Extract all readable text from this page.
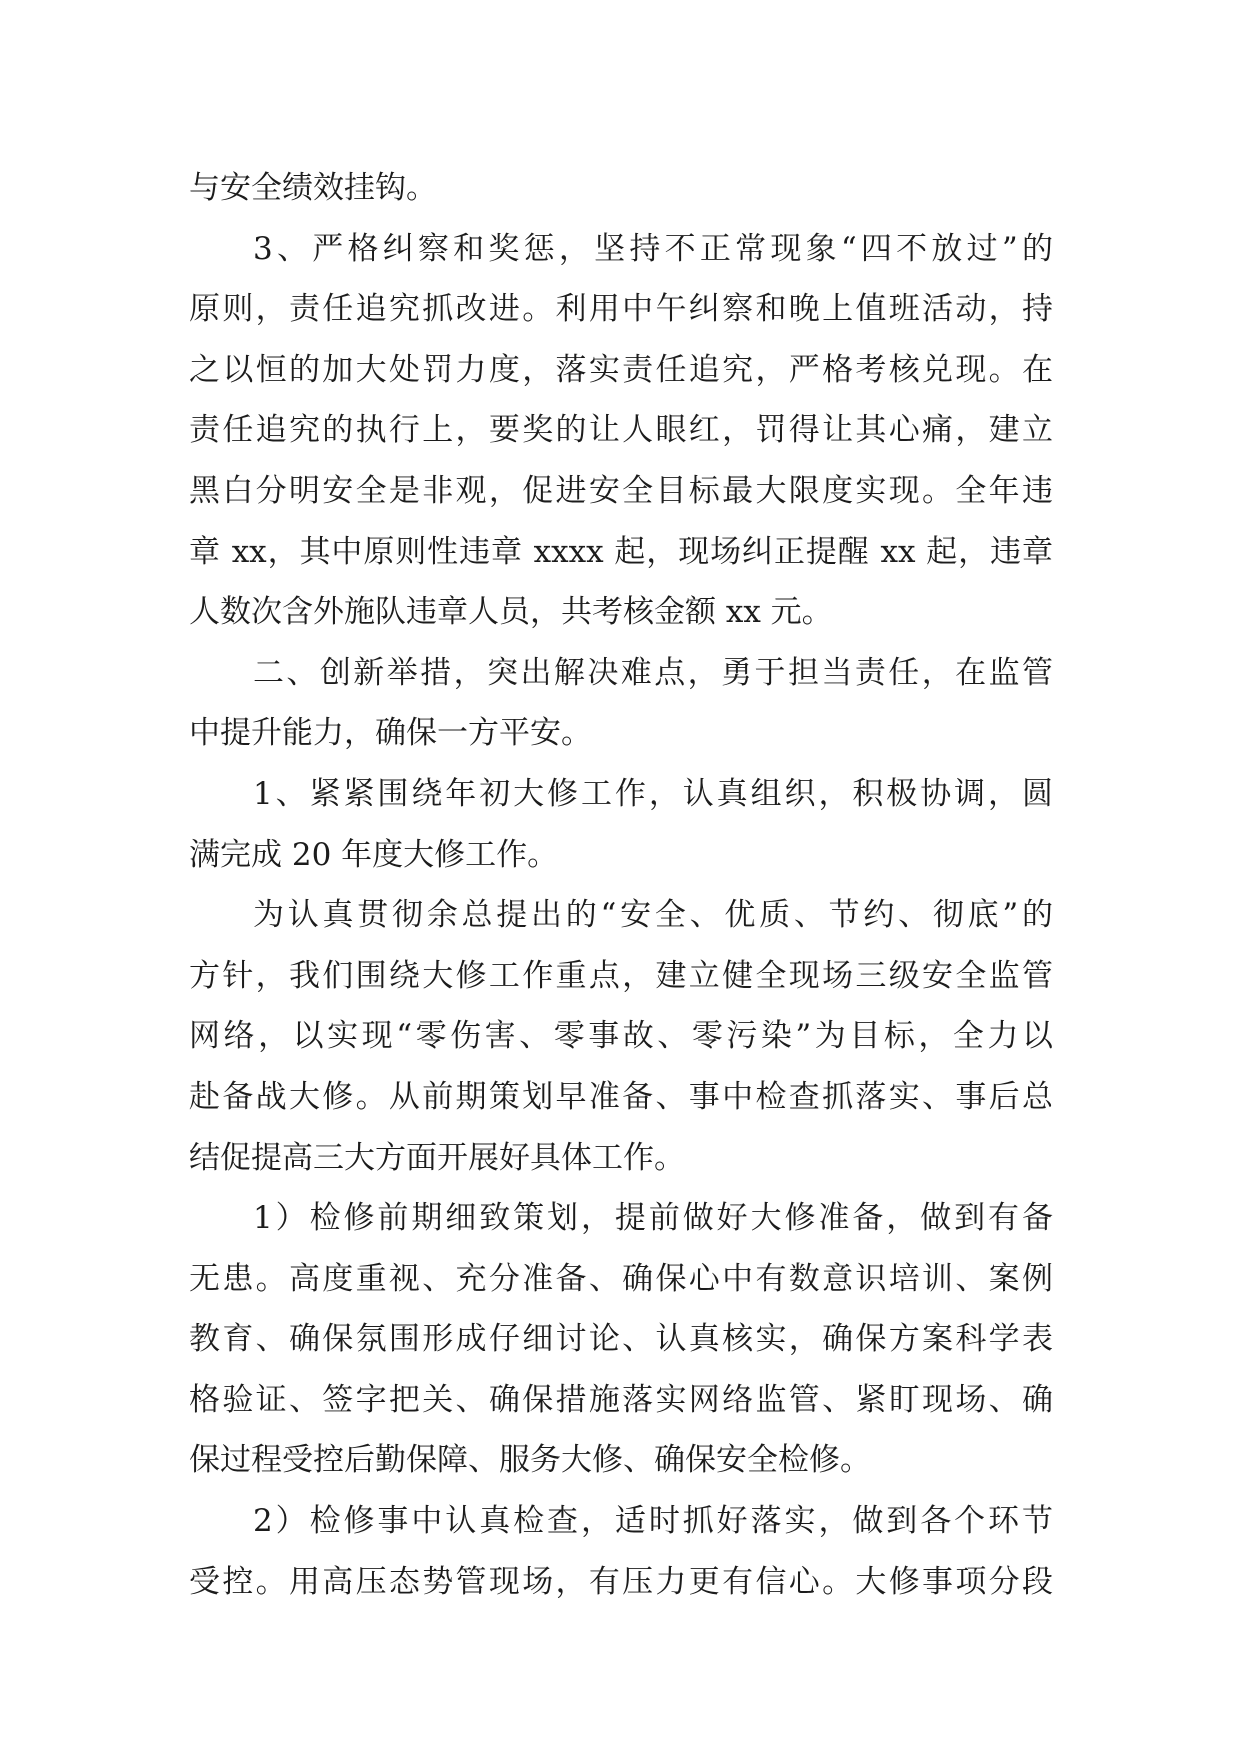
与安全绩效挂钩。
3、严格纠察和奖惩，坚持不正常现象“四不放过”的
原则，责任追究抓改进。利用中午纠察和晚上值班活动，持
之以恒的加大处罚力度，落实责任追究，严格考核兑现。在
责任追究的执行上，要奖的让人眼红，罚得让其心痛，建立
黑白分明安全是非观，促进安全目标最大限度实现。全年违
章 xx，其中原则性违章 xxxx 起，现场纠正提醒 xx 起，违章
人数次含外施队违章人员，共考核金额 xx 元。
二、创新举措，突出解决难点，勇于担当责任，在监管
中提升能力，确保一方平安。
1、紧紧围绕年初大修工作，认真组织，积极协调，圆
满完成 20 年度大修工作。
为认真贯彻余总提出的“安全、优质、节约、彻底”的
方针，我们围绕大修工作重点，建立健全现场三级安全监管
网络，以实现“零伤害、零事故、零污染”为目标，全力以
赴备战大修。从前期策划早准备、事中检查抓落实、事后总
结促提高三大方面开展好具体工作。
1）检修前期细致策划，提前做好大修准备，做到有备
无患。高度重视、充分准备、确保心中有数意识培训、案例
教育、确保氛围形成仔细讨论、认真核实，确保方案科学表
格验证、签字把关、确保措施落实网络监管、紧盯现场、确
保过程受控后勤保障、服务大修、确保安全检修。
2）检修事中认真检查，适时抓好落实，做到各个环节
受控。用高压态势管现场，有压力更有信心。大修事项分段
